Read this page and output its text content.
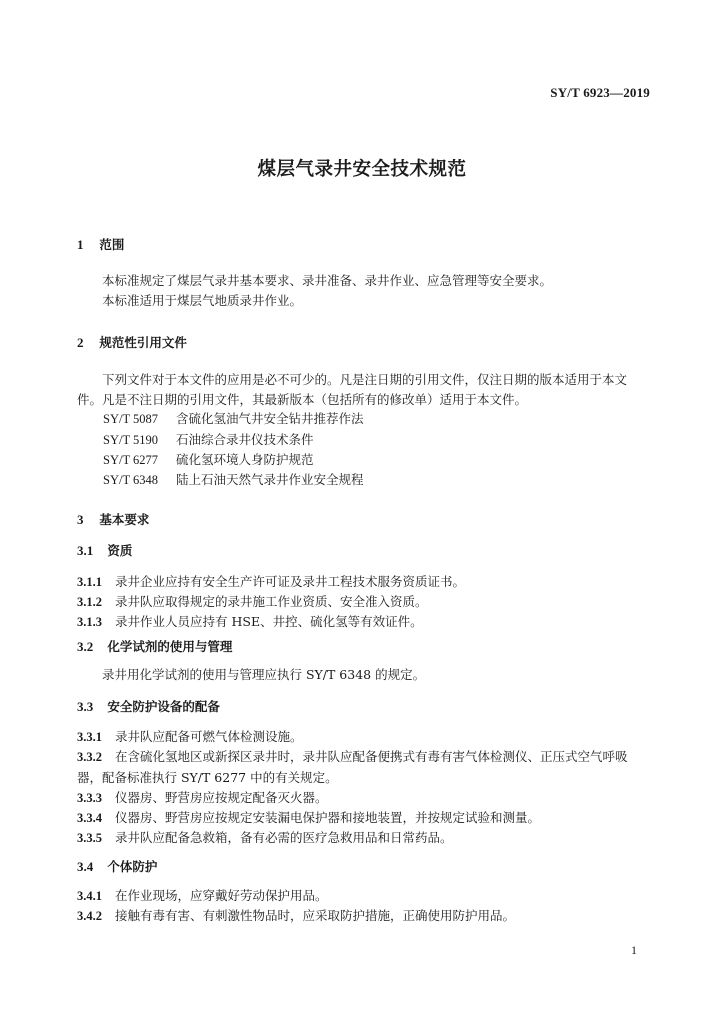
SY/T 6923—2019
煤层气录井安全技术规范
1 范围
本标准规定了煤层气录井基本要求、录井准备、录井作业、应急管理等安全要求。
本标准适用于煤层气地质录井作业。
2 规范性引用文件
下列文件对于本文件的应用是必不可少的。凡是注日期的引用文件，仅注日期的版本适用于本文
件。凡是不注日期的引用文件，其最新版本（包括所有的修改单）适用于本文件。
SY/T 5087 含硫化氢油气井安全钻井推荐作法
SY/T 5190 石油综合录井仪技术条件
SY/T 6277 硫化氢环境人身防护规范
SY/T 6348 陆上石油天然气录井作业安全规程
3 基本要求
3.1 资质
3.1.1 录井企业应持有安全生产许可证及录井工程技术服务资质证书。
3.1.2 录井队应取得规定的录井施工作业资质、安全准入资质。
3.1.3 录井作业人员应持有 HSE、井控、硫化氢等有效证件。
3.2 化学试剂的使用与管理
录井用化学试剂的使用与管理应执行 SY/T 6348 的规定。
3.3 安全防护设备的配备
3.3.1 录井队应配备可燃气体检测设施。
3.3.2 在含硫化氢地区或新探区录井时，录井队应配备便携式有毒有害气体检测仪、正压式空气呼吸
器，配备标准执行 SY/T 6277 中的有关规定。
3.3.3 仪器房、野营房应按规定配备灭火器。
3.3.4 仪器房、野营房应按规定安装漏电保护器和接地装置，并按规定试验和测量。
3.3.5 录井队应配备急救箱，备有必需的医疗急救用品和日常药品。
3.4 个体防护
3.4.1 在作业现场，应穿戴好劳动保护用品。
3.4.2 接触有毒有害、有刺激性物品时，应采取防护措施，正确使用防护用品。
1
